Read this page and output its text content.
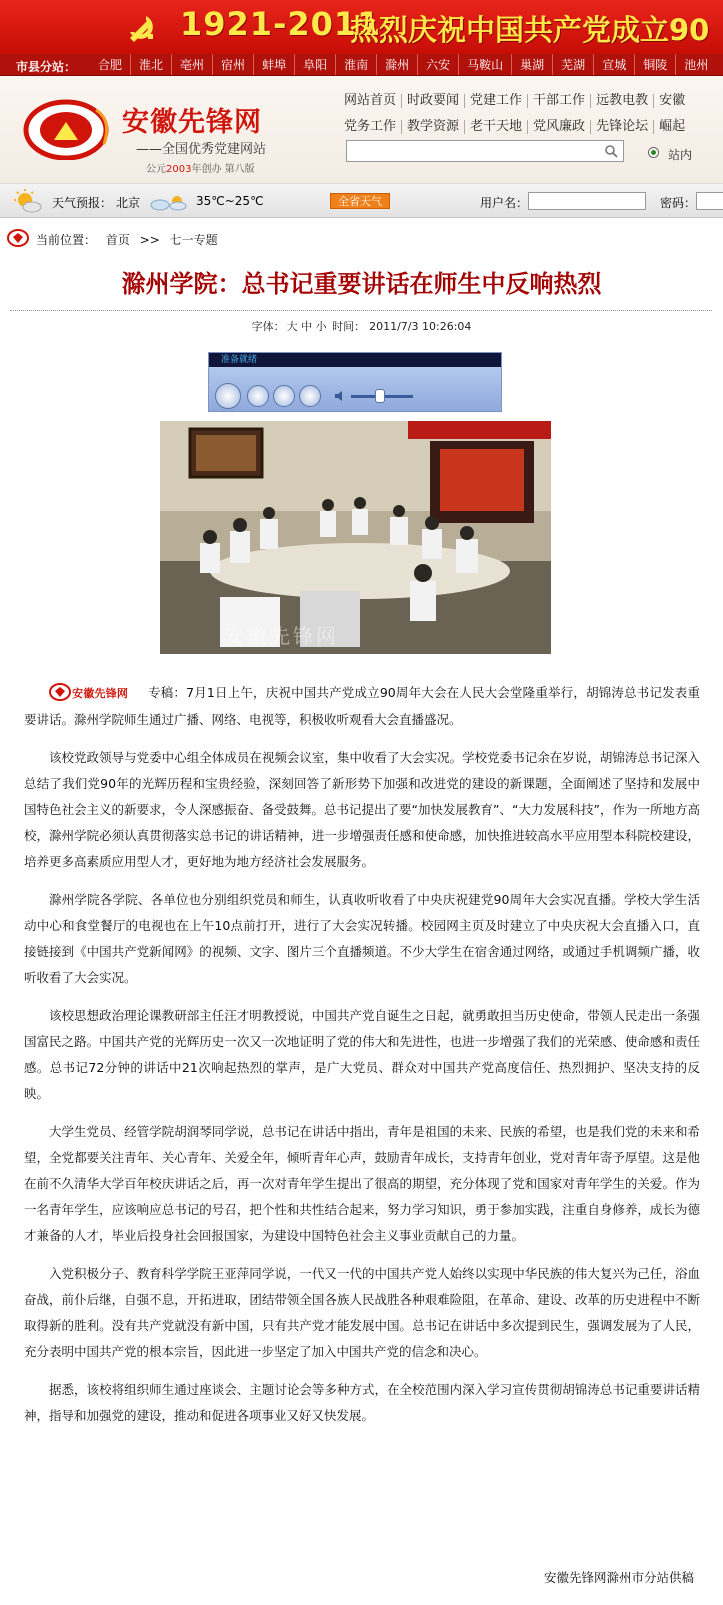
1921-2011
热烈庆祝中国共产党成立90
市县分站：	合肥	淮北	亳州	宿州	蚌埠	阜阳	淮南	滁州	六安	马鞍山	巢湖	芜湖	宣城	铜陵	池州
安徽先锋网
——全国优秀党建网站
公元2003年创办 第八版
网站首页 时政要闻 党建工作 干部工作 远教电教 安徽
党务工作 教学资源 老干天地 党风廉政 先锋论坛 崛起
站内
天气预报： 北京	35℃~25℃	全省天气	用户名：	密码：
当前位置： 首页 >> 七一专题
滁州学院：总书记重要讲话在师生中反响热烈
字体： 大 中 小 时间： 2011/7/3 10:26:04
准备就绪
安徽先锋网

安徽先锋网 专稿：7月1日上午，庆祝中国共产党成立90周年大会在人民大会堂隆重举行，胡锦涛总书记发表重要讲话。滁州学院师生通过广播、网络、电视等，积极收听观看大会直播盛况。

该校党政领导与党委中心组全体成员在视频会议室，集中收看了大会实况。学校党委书记余在岁说，胡锦涛总书记深入总结了我们党90年的光辉历程和宝贵经验，深刻回答了新形势下加强和改进党的建设的新课题，全面阐述了坚持和发展中国特色社会主义的新要求，令人深感振奋、备受鼓舞。总书记提出了要“加快发展教育”、“大力发展科技”，作为一所地方高校，滁州学院必须认真贯彻落实总书记的讲话精神，进一步增强责任感和使命感，加快推进较高水平应用型本科院校建设，培养更多高素质应用型人才，更好地为地方经济社会发展服务。

滁州学院各学院、各单位也分别组织党员和师生，认真收听收看了中央庆祝建党90周年大会实况直播。学校大学生活动中心和食堂餐厅的电视也在上午10点前打开，进行了大会实况转播。校园网主页及时建立了中央庆祝大会直播入口，直接链接到《中国共产党新闻网》的视频、文字、图片三个直播频道。不少大学生在宿舍通过网络，或通过手机调频广播，收听收看了大会实况。

该校思想政治理论课教研部主任汪才明教授说，中国共产党自诞生之日起，就勇敢担当历史使命，带领人民走出一条强国富民之路。中国共产党的光辉历史一次又一次地证明了党的伟大和先进性，也进一步增强了我们的光荣感、使命感和责任感。总书记72分钟的讲话中21次响起热烈的掌声，是广大党员、群众对中国共产党高度信任、热烈拥护、坚决支持的反映。

大学生党员、经管学院胡润琴同学说，总书记在讲话中指出，青年是祖国的未来、民族的希望，也是我们党的未来和希望，全党都要关注青年、关心青年、关爱全年，倾听青年心声，鼓励青年成长，支持青年创业，党对青年寄予厚望。这是他在前不久清华大学百年校庆讲话之后，再一次对青年学生提出了很高的期望，充分体现了党和国家对青年学生的关爱。作为一名青年学生，应该响应总书记的号召，把个性和共性结合起来，努力学习知识，勇于参加实践，注重自身修养，成长为德才兼备的人才，毕业后投身社会回报国家，为建设中国特色社会主义事业贡献自己的力量。

入党积极分子、教育科学学院王亚萍同学说，一代又一代的中国共产党人始终以实现中华民族的伟大复兴为己任，浴血奋战，前仆后继，自强不息，开拓进取，团结带领全国各族人民战胜各种艰难险阻，在革命、建设、改革的历史进程中不断取得新的胜利。没有共产党就没有新中国，只有共产党才能发展中国。总书记在讲话中多次提到民生，强调发展为了人民，充分表明中国共产党的根本宗旨，因此进一步坚定了加入中国共产党的信念和决心。

据悉，该校将组织师生通过座谈会、主题讨论会等多种方式，在全校范围内深入学习宣传贯彻胡锦涛总书记重要讲话精神，指导和加强党的建设，推动和促进各项事业又好又快发展。

安徽先锋网滁州市分站供稿
